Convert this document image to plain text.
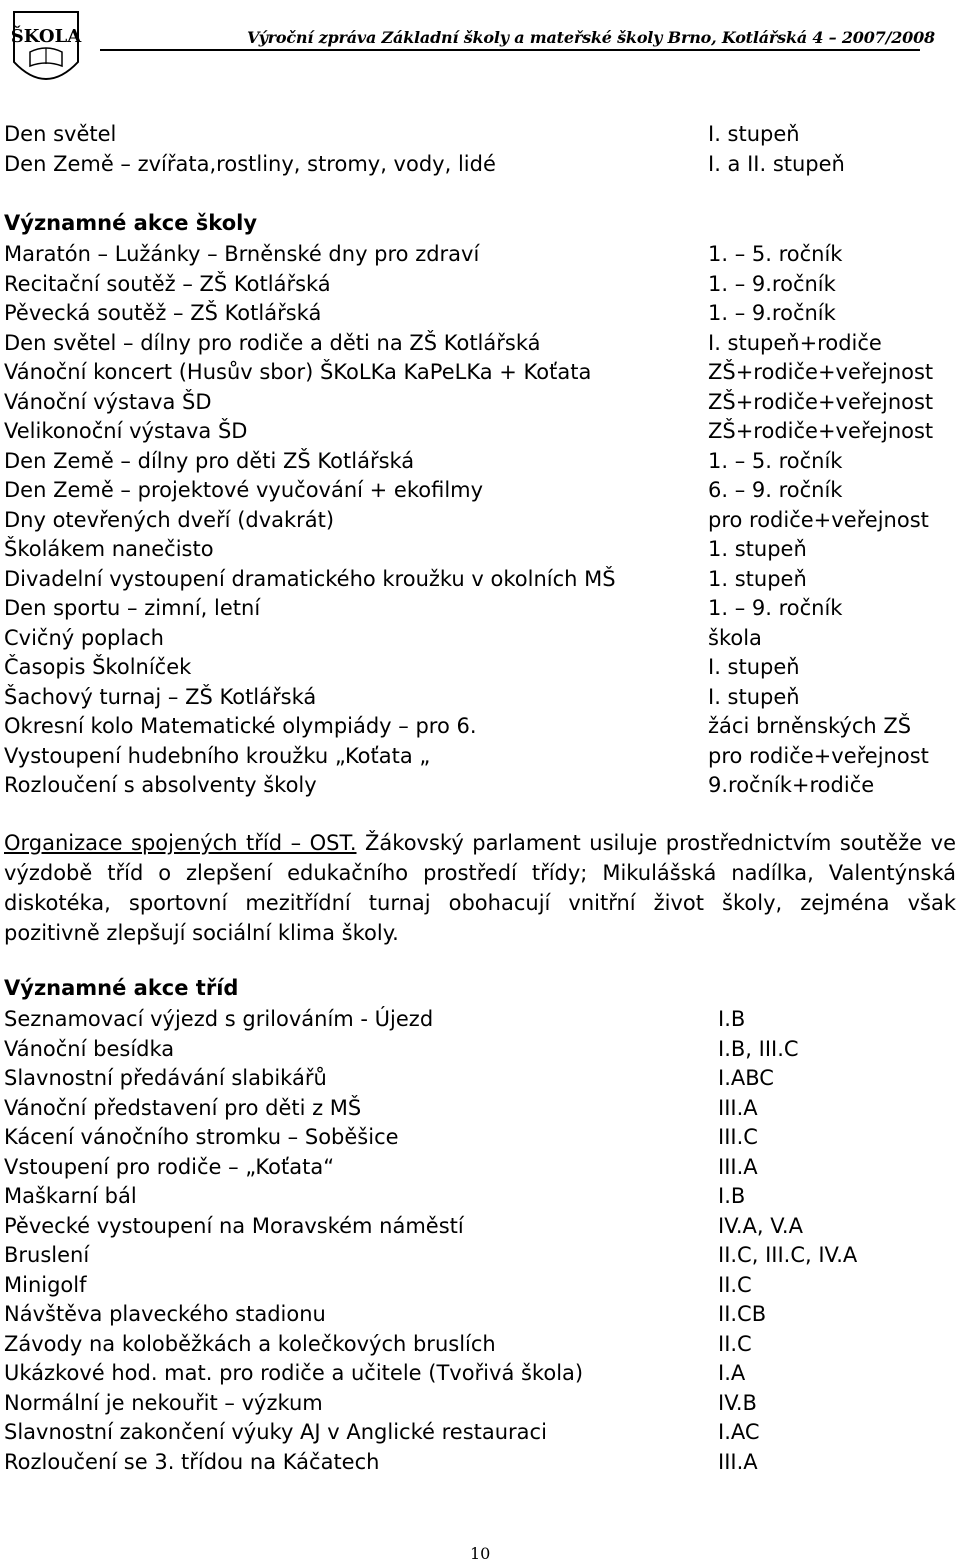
ŠKOLA	Výroční zpráva Základní školy a mateřské školy Brno, Kotlářská 4 – 2007/2008
Den světel	I. stupeň
Den Země – zvířata,rostliny, stromy, vody, lidé	I. a II. stupeň
Významné akce školy
Maratón – Lužánky – Brněnské dny pro zdraví	1. – 5. ročník
Recitační soutěž – ZŠ Kotlářská	1. – 9.ročník
Pěvecká soutěž – ZŠ Kotlářská	1. – 9.ročník
Den světel – dílny pro rodiče a děti na ZŠ Kotlářská	I. stupeň+rodiče
Vánoční koncert (Husův sbor) ŠKoLKa KaPeLKa + Koťata	ZŠ+rodiče+veřejnost
Vánoční výstava ŠD	ZŠ+rodiče+veřejnost
Velikonoční výstava ŠD	ZŠ+rodiče+veřejnost
Den Země – dílny pro děti ZŠ Kotlářská	1. – 5. ročník
Den Země – projektové vyučování + ekofilmy	6. – 9. ročník
Dny otevřených dveří (dvakrát)	pro rodiče+veřejnost
Školákem nanečisto	1. stupeň
Divadelní vystoupení dramatického kroužku v okolních MŠ	1. stupeň
Den sportu – zimní, letní	1. – 9. ročník
Cvičný poplach	škola
Časopis Školníček	I. stupeň
Šachový turnaj – ZŠ Kotlářská	I. stupeň
Okresní kolo Matematické olympiády – pro 6.	žáci brněnských ZŠ
Vystoupení hudebního kroužku „Koťata „	pro rodiče+veřejnost
Rozloučení s absolventy školy	9.ročník+rodiče
Organizace spojených tříd – OST. Žákovský parlament usiluje prostřednictvím soutěže ve výzdobě tříd o zlepšení edukačního prostředí třídy; Mikulášská nadílka, Valentýnská diskotéka, sportovní mezitřídní turnaj obohacují vnitřní život školy, zejména však pozitivně zlepšují sociální klima školy.
Významné akce tříd
Seznamovací výjezd s grilováním - Újezd	I.B
Vánoční besídka	I.B, III.C
Slavnostní předávání slabikářů	I.ABC
Vánoční představení pro děti z MŠ	III.A
Kácení vánočního stromku – Soběšice	III.C
Vstoupení pro rodiče – „Koťata“	III.A
Maškarní bál	I.B
Pěvecké vystoupení na Moravském náměstí	IV.A, V.A
Bruslení	II.C, III.C, IV.A
Minigolf	II.C
Návštěva plaveckého stadionu	II.CB
Závody na koloběžkách a kolečkových bruslích	II.C
Ukázkové hod. mat. pro rodiče a učitele (Tvořivá škola)	I.A
Normální je nekouřit – výzkum	IV.B
Slavnostní zakončení výuky AJ v Anglické restauraci	I.AC
Rozloučení se 3. třídou na Káčatech	III.A
10
